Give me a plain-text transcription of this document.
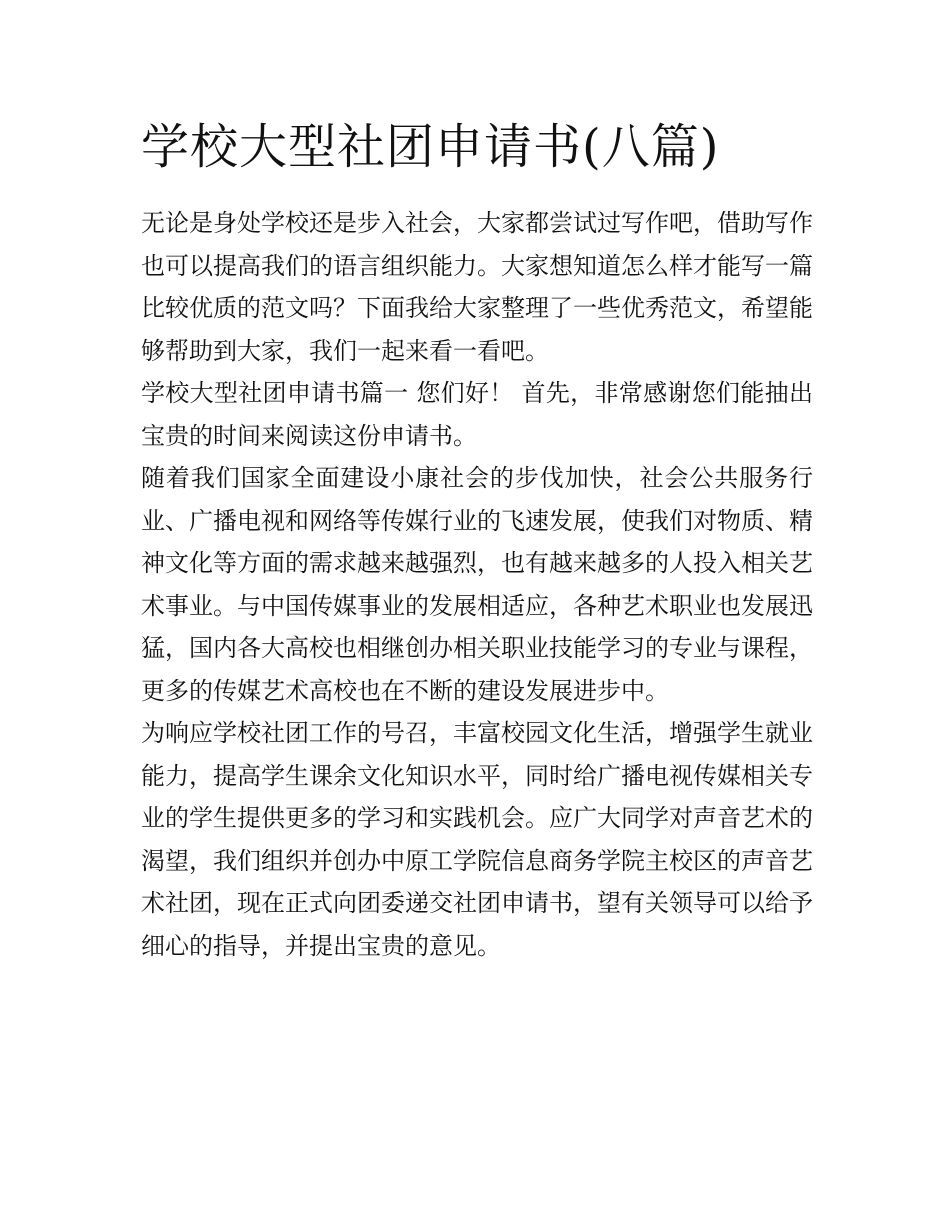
学校大型社团申请书(八篇)

无论是身处学校还是步入社会，大家都尝试过写作吧，借助写作也可以提高我们的语言组织能力。大家想知道怎么样才能写一篇比较优质的范文吗？下面我给大家整理了一些优秀范文，希望能够帮助到大家，我们一起来看一看吧。

学校大型社团申请书篇一 您们好！ 首先，非常感谢您们能抽出宝贵的时间来阅读这份申请书。

随着我们国家全面建设小康社会的步伐加快，社会公共服务行业、广播电视和网络等传媒行业的飞速发展，使我们对物质、精神文化等方面的需求越来越强烈，也有越来越多的人投入相关艺术事业。与中国传媒事业的发展相适应，各种艺术职业也发展迅猛，国内各大高校也相继创办相关职业技能学习的专业与课程，更多的传媒艺术高校也在不断的建设发展进步中。

为响应学校社团工作的号召，丰富校园文化生活，增强学生就业能力，提高学生课余文化知识水平，同时给广播电视传媒相关专业的学生提供更多的学习和实践机会。应广大同学对声音艺术的渴望，我们组织并创办中原工学院信息商务学院主校区的声音艺术社团，现在正式向团委递交社团申请书，望有关领导可以给予细心的指导，并提出宝贵的意见。
